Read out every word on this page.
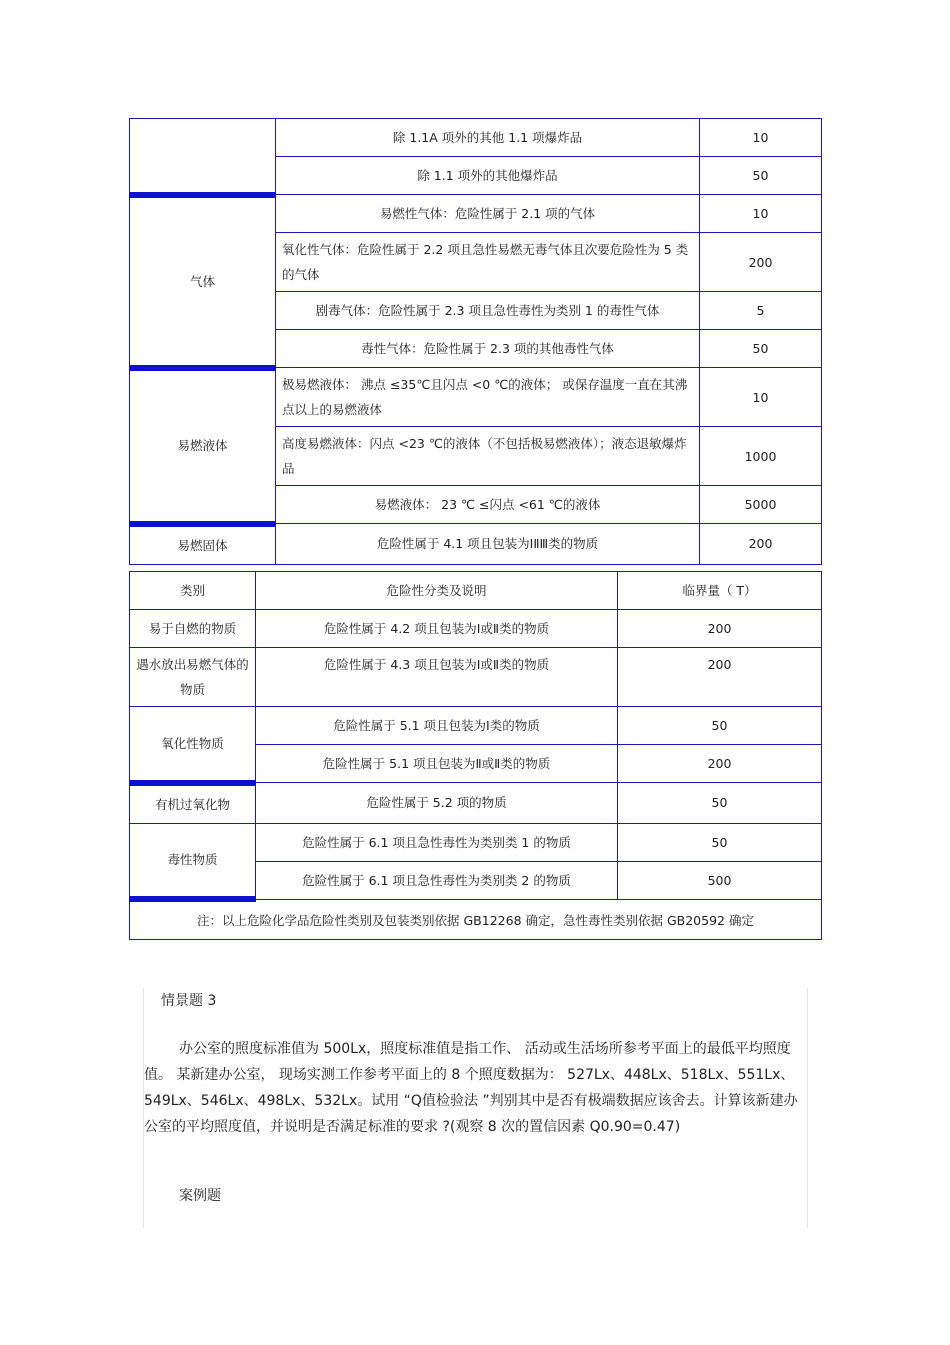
	除 1.1A 项外的其他 1.1 项爆炸品	10
	除 1.1 项外的其他爆炸品	50
气体	易燃性气体：危险性属于 2.1 项的气体	10
	氧化性气体：危险性属于 2.2 项且急性易燃无毒气体且次要危险性为 5 类的气体	200
	剧毒气体：危险性属于 2.3 项且急性毒性为类别 1 的毒性气体	5
	毒性气体：危险性属于 2.3 项的其他毒性气体	50
易燃液体	极易燃液体： 沸点 ≤35℃且闪点 <0 ℃的液体； 或保存温度一直在其沸点以上的易燃液体	10
	高度易燃液体：闪点 <23 ℃的液体（不包括极易燃液体）；液态退敏爆炸品	1000
	易燃液体： 23 ℃ ≤闪点 <61 ℃的液体	5000
易燃固体	危险性属于 4.1 项且包装为ⅠⅡⅢ类的物质	200
类别	危险性分类及说明	临界量（ T）
易于自燃的物质	危险性属于 4.2 项且包装为Ⅰ或Ⅱ类的物质	200
遇水放出易燃气体的物质	危险性属于 4.3 项且包装为Ⅰ或Ⅱ类的物质	200
氧化性物质	危险性属于 5.1 项且包装为Ⅰ类的物质	50
	危险性属于 5.1 项且包装为Ⅱ或Ⅱ类的物质	200
有机过氧化物	危险性属于 5.2 项的物质	50
毒性物质	危险性属于 6.1 项且急性毒性为类别类 1 的物质	50
	危险性属于 6.1 项且急性毒性为类别类 2 的物质	500
注：以上危险化学品危险性类别及包装类别依据 GB12268 确定，急性毒性类别依据 GB20592 确定		
情景题 3
办公室的照度标准值为 500Lx，照度标准值是指工作、 活动或生活场所参考平面上的最低平均照度值。 某新建办公室， 现场实测工作参考平面上的 8 个照度数据为： 527Lx、448Lx、518Lx、551Lx、549Lx、546Lx、498Lx、532Lx。试用 “Q值检验法 ”判别其中是否有极端数据应该舍去。计算该新建办公室的平均照度值，并说明是否满足标准的要求 ?(观察 8 次的置信因素 Q0.90=0.47)
案例题
